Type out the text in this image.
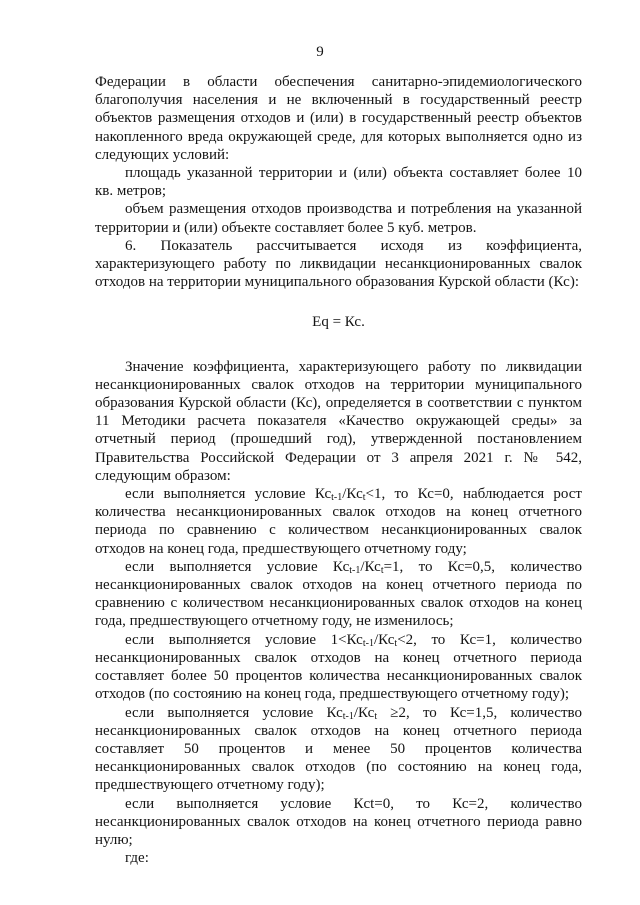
9

Федерации в области обеспечения санитарно-эпидемиологического благополучия населения и не включенный в государственный реестр объектов размещения отходов и (или) в государственный реестр объектов накопленного вреда окружающей среде, для которых выполняется одно из следующих условий:

площадь указанной территории и (или) объекта составляет более 10 кв. метров;

объем размещения отходов производства и потребления на указанной территории и (или) объекте составляет более 5 куб. метров.

6. Показатель рассчитывается исходя из коэффициента, характеризующего работу по ликвидации несанкционированных свалок отходов на территории муниципального образования Курской области (Кс):

Eq = Кс.

Значение коэффициента, характеризующего работу по ликвидации несанкционированных свалок отходов на территории муниципального образования Курской области (Кс), определяется в соответствии с пунктом 11 Методики расчета показателя «Качество окружающей среды» за отчетный период (прошедший год), утвержденной постановлением Правительства Российской Федерации от 3 апреля 2021 г. № 542, следующим образом:

если выполняется условие $Кс_{t-1}/Кс_t<1$, то Кс=0, наблюдается рост количества несанкционированных свалок отходов на конец отчетного периода по сравнению с количеством несанкционированных свалок отходов на конец года, предшествующего отчетному году;

если выполняется условие $Кс_{t-1}/Кс_t=1$, то Кс=0,5, количество несанкционированных свалок отходов на конец отчетного периода по сравнению с количеством несанкционированных свалок отходов на конец года, предшествующего отчетному году, не изменилось;

если выполняется условие $1<Кс_{t-1}/Кс_t<2$, то Кс=1, количество несанкционированных свалок отходов на конец отчетного периода составляет более 50 процентов количества несанкционированных свалок отходов (по состоянию на конец года, предшествующего отчетному году);

если выполняется условие $Кс_{t-1}/Кс_t \ge 2$, то Кс=1,5, количество несанкционированных свалок отходов на конец отчетного периода составляет 50 процентов и менее 50 процентов количества несанкционированных свалок отходов (по состоянию на конец года, предшествующего отчетному году);

если выполняется условие Кct=0, то Кс=2, количество несанкционированных свалок отходов на конец отчетного периода равно нулю;

где:
